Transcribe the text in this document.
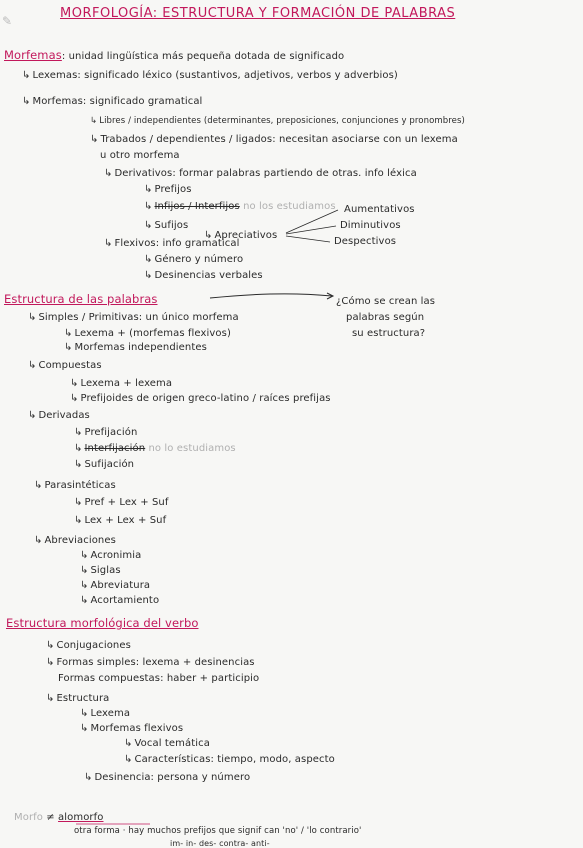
✎	MORFOLOGÍA: ESTRUCTURA Y FORMACIÓN DE PALABRAS
Morfemas: unidad lingüística más pequeña dotada de significado
↳ Lexemas: significado léxico (sustantivos, adjetivos, verbos y adverbios)
↳ Morfemas: significado gramatical
↳ Libres / independientes (determinantes, preposiciones, conjunciones y pronombres)
↳ Trabados / dependientes / ligados: necesitan asociarse con un lexema
u otro morfema
↳ Derivativos: formar palabras partiendo de otras. info léxica
↳ Prefijos
↳ Infijos / Interfijos no los estudiamos
↳ Sufijos
↳ Apreciativos
Aumentativos
Diminutivos
Despectivos
↳ Flexivos: info gramatical
↳ Género y número
↳ Desinencias verbales
Estructura de las palabras	¿Cómo se crean las
palabras según
su estructura?
↳ Simples / Primitivas: un único morfema
↳ Lexema + (morfemas flexivos)
↳ Morfemas independientes
↳ Compuestas
↳ Lexema + lexema
↳ Prefijoides de origen greco-latino / raíces prefijas
↳ Derivadas
↳ Prefijación
↳ Interfijación no lo estudiamos
↳ Sufijación
↳ Parasintéticas
↳ Pref + Lex + Suf
↳ Lex + Lex + Suf
↳ Abreviaciones
↳ Acronimia
↳ Siglas
↳ Abreviatura
↳ Acortamiento
Estructura morfológica del verbo
↳ Conjugaciones
↳ Formas simples: lexema + desinencias
Formas compuestas: haber + participio
↳ Estructura
↳ Lexema
↳ Morfemas flexivos
↳ Vocal temática
↳ Características: tiempo, modo, aspecto
↳ Desinencia: persona y número
Morfo ≠ alomorfo
otra forma · hay muchos prefijos que signif can 'no' / 'lo contrario'
im- in- des- contra- anti-
